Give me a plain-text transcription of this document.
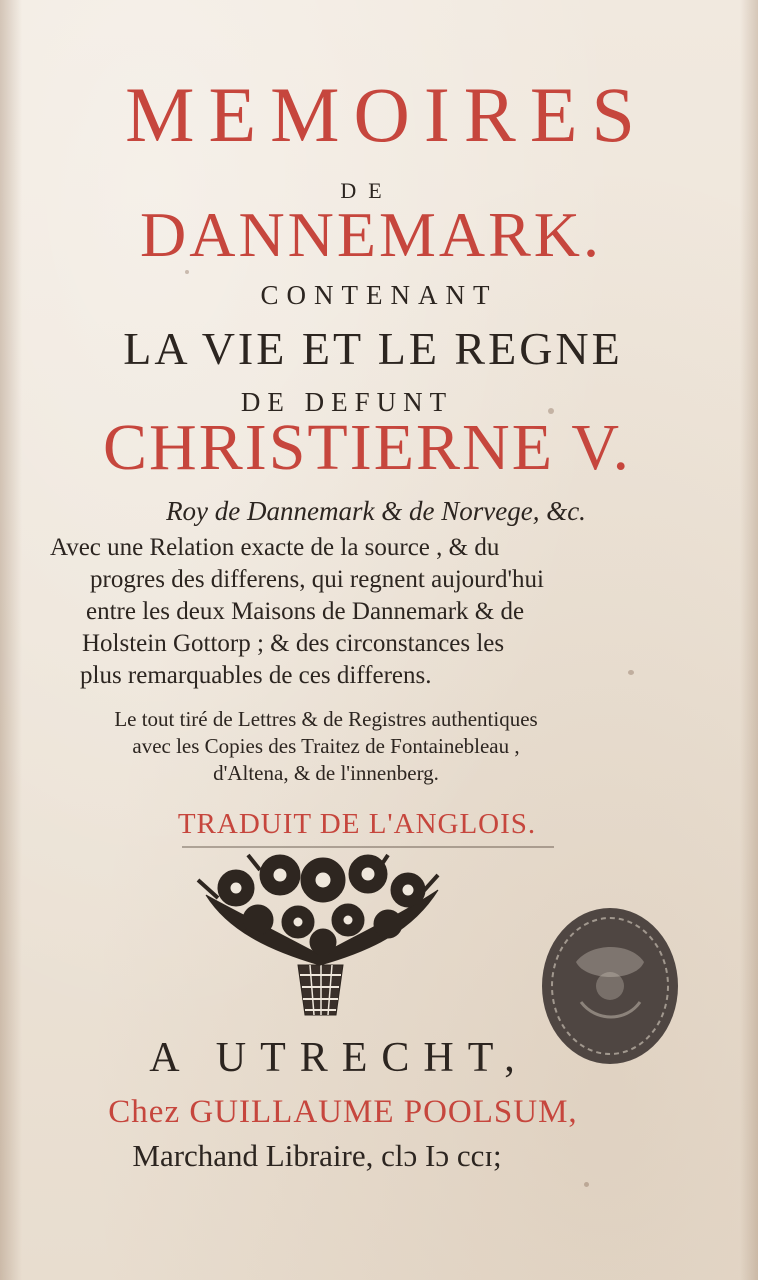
MEMOIRES
DE
DANNEMARK.
CONTENANT
LA VIE ET LE REGNE
DE DEFUNT
CHRISTIERNE V.
Roy de Dannemark & de Norvege, &c.
Avec une Relation exacte de la source , & du
progres des differens, qui regnent aujourd'hui
entre les deux Maisons de Dannemark & de
Holstein Gottorp ; & des circonstances les
plus remarquables de ces differens.
Le tout tiré de Lettres & de Registres authentiques
avec les Copies des Traitez de Fontainebleau ,
d'Altena, & de l'innenberg.
TRADUIT DE L'ANGLOIS.
A UTRECHT,
Chez GUILLAUME POOLSUM,
Marchand Libraire, clɔ Iɔ ccɪ;
